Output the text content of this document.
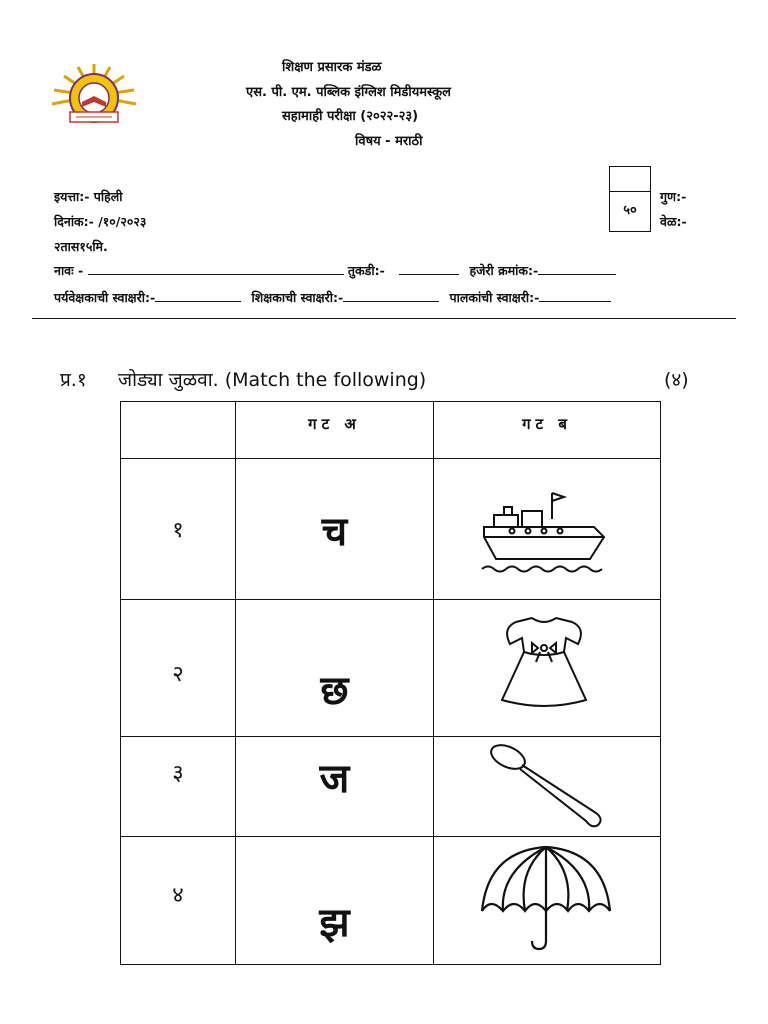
शिक्षण प्रसारक मंडळ
एस. पी. एम. पब्लिक इंग्लिश मिडीयमस्कूल
सहामाही परीक्षा (२०२२-२३)
विषय - मराठी
इयत्ता:- पहिली
दिनांक:- /१०/२०२३
२तास१५मि.
५०
गुण:-
वेळ:-
नावः -	तुकडी:-	हजेरी क्रमांक:-
पर्यवेक्षकाची स्वाक्षरी:-	शिक्षकाची स्वाक्षरी:-	पालकांची स्वाक्षरी:-
प्र.१ जोड्या जुळवा. (Match the following)	(४)
	गट अ	गट ब
१	च	

२	छ	

३	ज	

४	झ	
